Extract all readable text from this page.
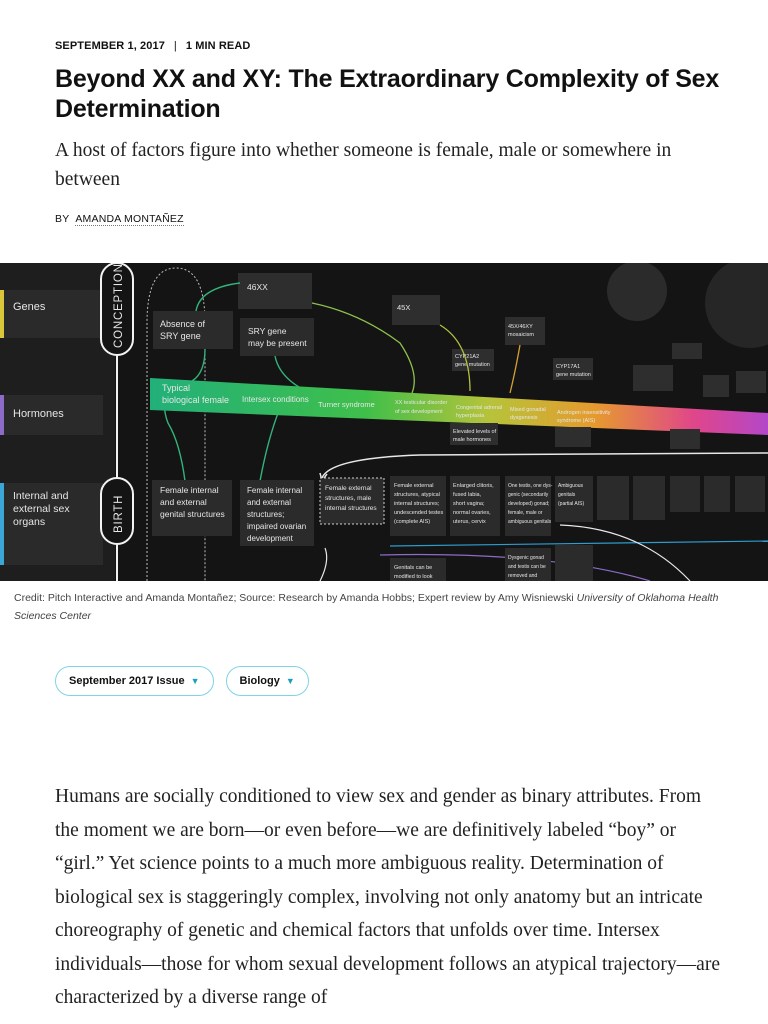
SEPTEMBER 1, 2017 | 1 MIN READ
Beyond XX and XY: The Extraordinary Complexity of Sex Determination

A host of factors figure into whether someone is female, male or somewhere in between

BY AMANDA MONTAÑEZ
Genes
Hormones
Internal and
external sex
organs
CONCEPTION
BIRTH
46XX
45X
45X/46XY
mosaicism
Absence of
SRY gene	SRY gene
may be present
CYP21A2
gene mutation	CYP17A1
gene mutation
Typical
biological female Intersex conditions
Turner syndrome	XX testicular disorder
of sex development
Congenital adrenal
hyperplasia
Mixed gonadal
dysgenesis
Androgen insensitivity
syndrome (AIS)
Elevated levels of
male hormones
Female internal
and external
genital structures
Female internal
and external
structures;
impaired ovarian
development
Female external
structures, male
internal structures
Female external
structures, atypical
internal structures;
undescended testes
(complete AIS)
Enlarged clitoris,
fused labia,
short vagina;
normal ovaries,
uterus, cervix
One testis, one dys-
genic (secondarily
developed) gonad;
female, male or
ambiguous genitals
Ambiguous
genitals
(partial AIS)
Genitals can be
modified to look
Dysgenic gonad
and testis can be
removed and
Credit: Pitch Interactive and Amanda Montañez; Source: Research by Amanda Hobbs; Expert review by Amy Wisniewski University of Oklahoma Health Sciences Center
September 2017 Issue ▼	Biology ▼

Humans are socially conditioned to view sex and gender as binary attributes. From the moment we are born—or even before—we are definitively labeled “boy” or “girl.” Yet science points to a much more ambiguous reality. Determination of biological sex is staggeringly complex, involving not only anatomy but an intricate choreography of genetic and chemical factors that unfolds over time. Intersex individuals—those for whom sexual development follows an atypical trajectory—are characterized by a diverse range of
